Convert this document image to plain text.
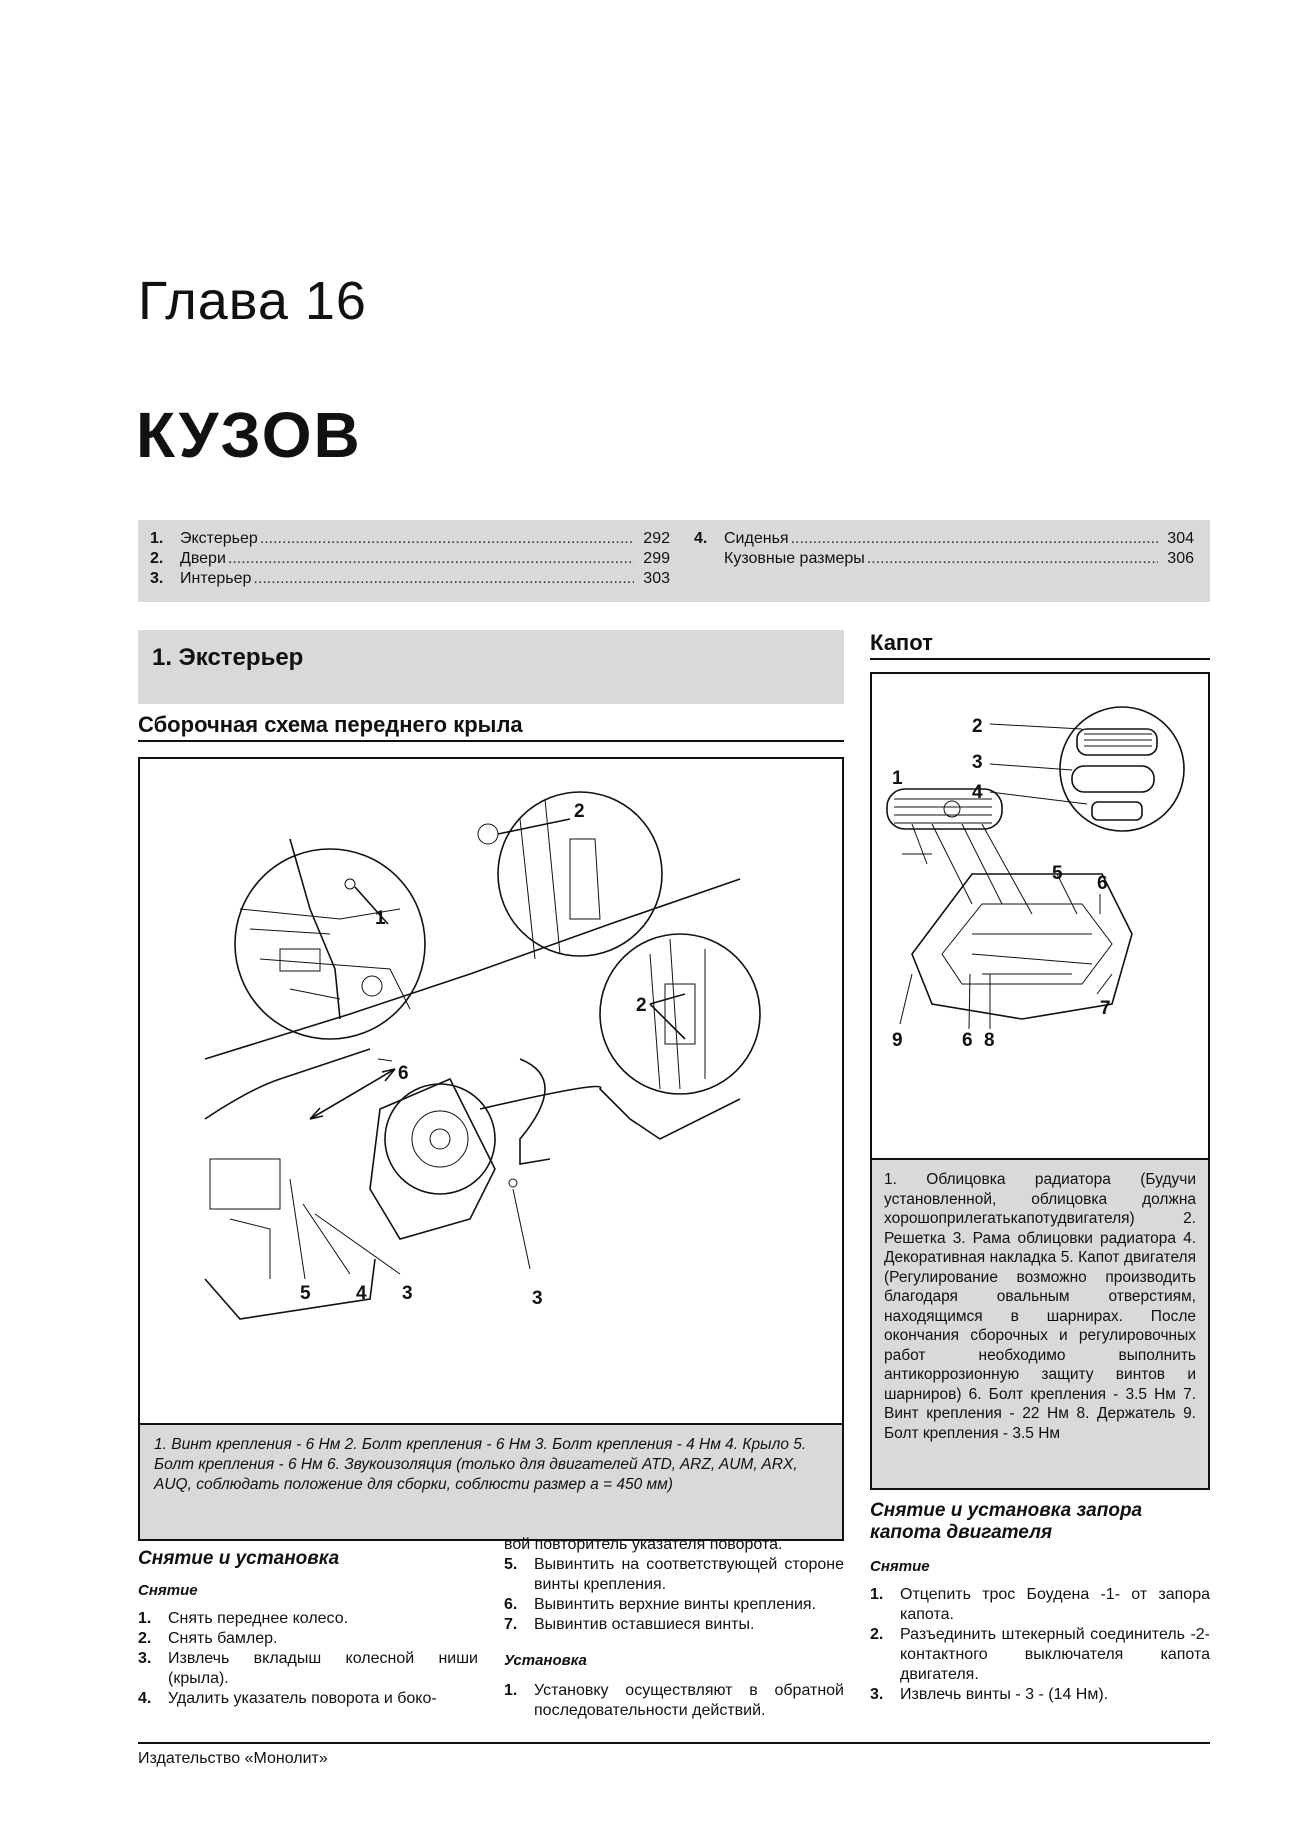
Глава 16
КУЗОВ
1.	Экстерьер .....	292
2.	Двери .....	299
3.	Интерьер .....	303
4.	Сиденья .....	304
Кузовные размеры .....	306
1. Экстерьер
Сборочная схема переднего крыла
Капот
1
2
2
6
5 4 3	3
1. Винт крепления - 6 Нм 2. Болт крепления - 6 Нм 3. Болт крепления - 4 Нм 4. Крыло 5. Болт крепления - 6 Нм 6. Звукоизоляция (только для двигателей ATD, ARZ, AUM, ARX, AUQ, соблюдать положение для сборки, соблюсти размер а = 450 мм)
2
3
4
1
5 6
9	6 8
7
1. Облицовка радиатора (Будучи установленной, облицовка должна хорошоприлегатькапотудвигателя) 2. Решетка 3. Рама облицовки радиатора 4. Декоративная накладка 5. Капот двигателя (Регулирование возможно производить благодаря овальным отверстиям, находящимся в шарнирах. После окончания сборочных и регулировочных работ необходимо выполнить антикоррозионную защиту винтов и шарниров) 6. Болт крепления - 3.5 Нм 7. Винт крепления - 22 Нм 8. Держатель 9. Болт крепления - 3.5 Нм
Снятие и установка
Снятие
1.	Снять переднее колесо.
2.	Снять бамлер.
3.	Извлечь вкладыш колесной ниши (крыла).
4.	Удалить указатель поворота и боко-
вой повторитель указателя поворота.
5.	Вывинтить на соответствующей стороне винты крепления.
6.	Вывинтить верхние винты крепления.
7.	Вывинтив оставшиеся винты.
Установка
1.	Установку осуществляют в обратной последовательности действий.
Снятие и установка запора капота двигателя
Снятие
1.	Отцепить трос Боудена -1- от запора капота.
2.	Разъединить штекерный соединитель -2- контактного выключателя капота двигателя.
3.	Извлечь винты - 3 - (14 Нм).
Издательство «Монолит»
